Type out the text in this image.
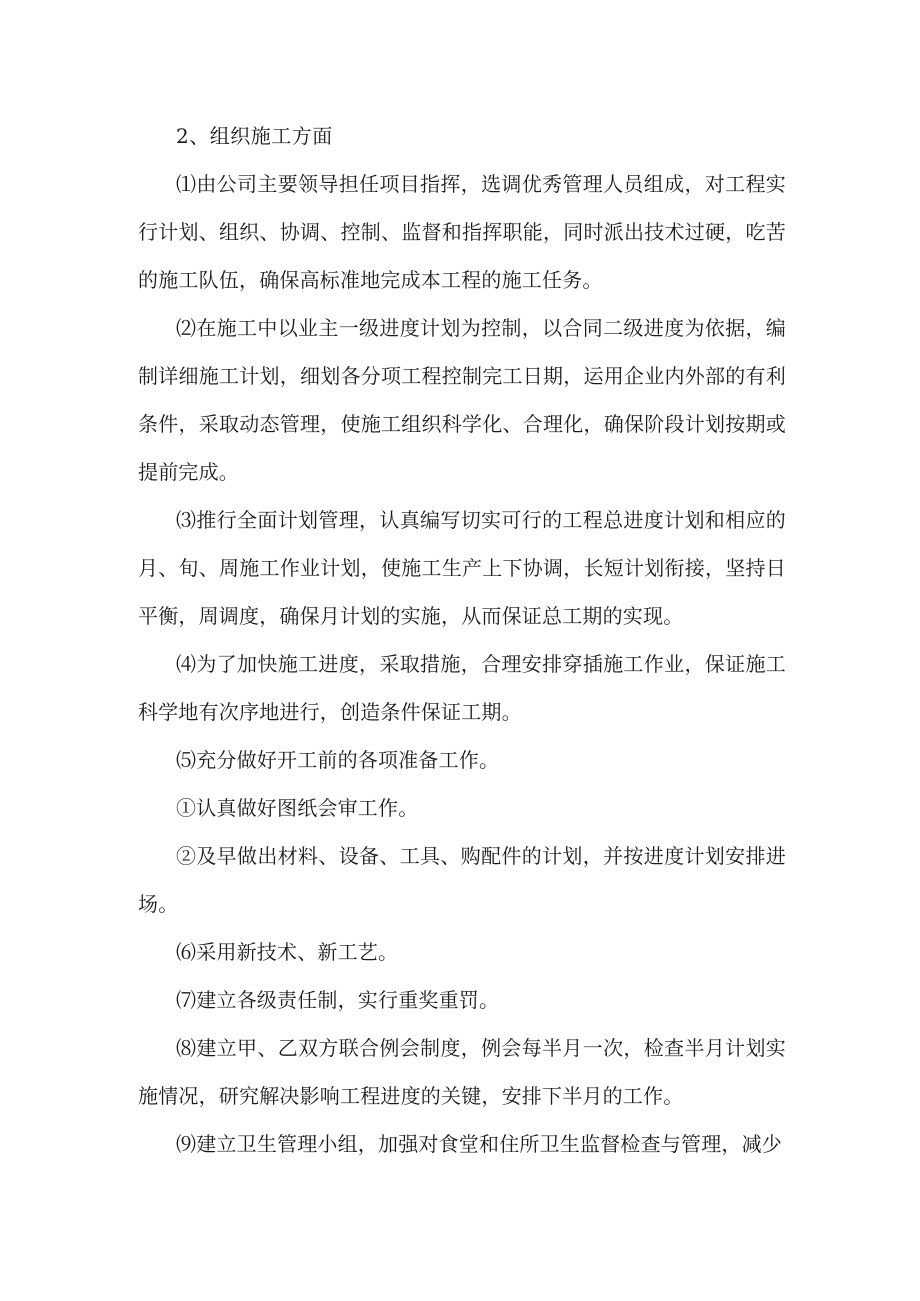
2、组织施工方面

⑴由公司主要领导担任项目指挥，选调优秀管理人员组成，对工程实行计划、组织、协调、控制、监督和指挥职能，同时派出技术过硬，吃苦的施工队伍，确保高标准地完成本工程的施工任务。

⑵在施工中以业主一级进度计划为控制，以合同二级进度为依据，编制详细施工计划，细划各分项工程控制完工日期，运用企业内外部的有利条件，采取动态管理，使施工组织科学化、合理化，确保阶段计划按期或提前完成。

⑶推行全面计划管理，认真编写切实可行的工程总进度计划和相应的月、旬、周施工作业计划，使施工生产上下协调，长短计划衔接，坚持日平衡，周调度，确保月计划的实施，从而保证总工期的实现。

⑷为了加快施工进度，采取措施，合理安排穿插施工作业，保证施工科学地有次序地进行，创造条件保证工期。

⑸充分做好开工前的各项准备工作。

①认真做好图纸会审工作。

②及早做出材料、设备、工具、购配件的计划，并按进度计划安排进场。

⑹采用新技术、新工艺。

⑺建立各级责任制，实行重奖重罚。

⑻建立甲、乙双方联合例会制度，例会每半月一次，检查半月计划实施情况，研究解决影响工程进度的关键，安排下半月的工作。

⑼建立卫生管理小组，加强对食堂和住所卫生监督检查与管理，减少
